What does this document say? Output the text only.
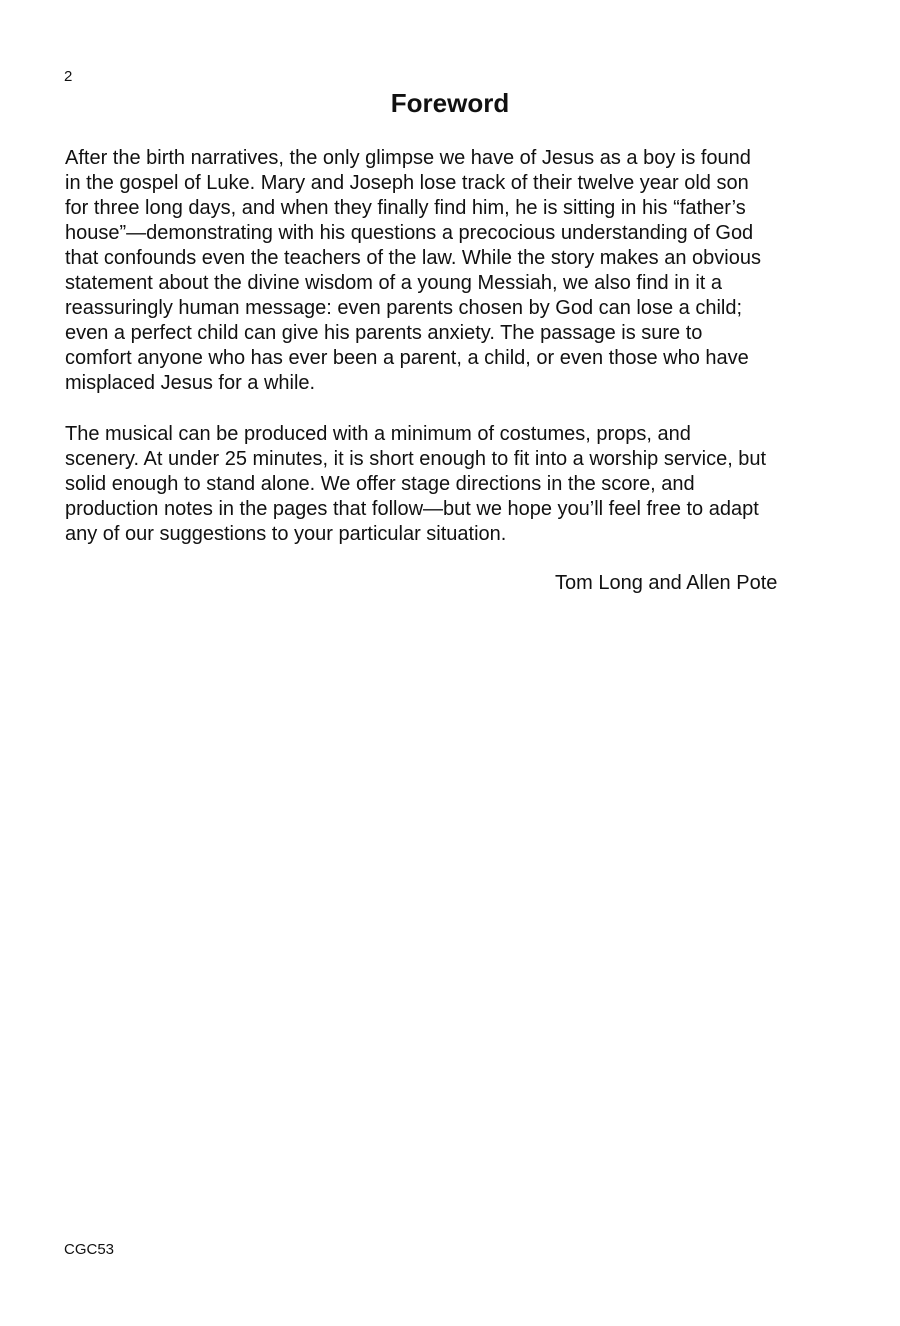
2
Foreword

After the birth narratives, the only glimpse we have of Jesus as a boy is found
in the gospel of Luke. Mary and Joseph lose track of their twelve year old son
for three long days, and when they finally find him, he is sitting in his “father’s
house”—demonstrating with his questions a precocious understanding of God
that confounds even the teachers of the law. While the story makes an obvious
statement about the divine wisdom of a young Messiah, we also find in it a
reassuringly human message: even parents chosen by God can lose a child;
even a perfect child can give his parents anxiety. The passage is sure to
comfort anyone who has ever been a parent, a child, or even those who have
misplaced Jesus for a while.

The musical can be produced with a minimum of costumes, props, and
scenery. At under 25 minutes, it is short enough to fit into a worship service, but
solid enough to stand alone. We offer stage directions in the score, and
production notes in the pages that follow—but we hope you’ll feel free to adapt
any of our suggestions to your particular situation.

Tom Long and Allen Pote
CGC53
